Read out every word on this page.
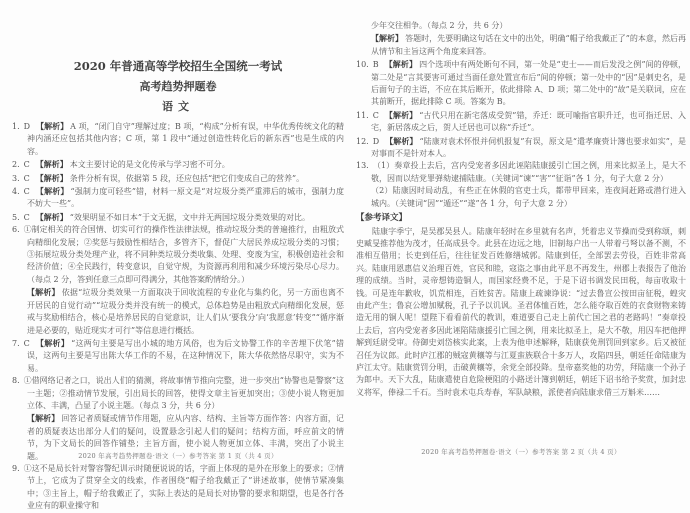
2020 年普通高等学校招生全国统一考试

高考趋势押题卷

语文

1. D 【解析】 A 项，“闭门自守”理解过度；B 项，“构成”分析有误，中华优秀传统文化的精神内涵还应包括其他内容；C 项，第 1 段中“通过创造性转化后的新东西”也是生成的内容。

2. C 【解析】 本文主要讨论的是文化传承与学习密不可分。

3. C 【解析】 条件分析有误，依据第 5 段，还应包括“把它们变成自己的营养”。

4. C 【解析】 “强制力度可轻些”错，材料一原文是“对垃圾分类严重滞后的城市，强制力度不妨大一些”。

5. C 【解析】 “效果明显不如日本”于文无据，文中并无两国垃圾分类效果的对比。

6. ①制定相关的符合国情、切实可行的操作性法律法规，推动垃圾分类的普遍推行，由粗放式向精细化发展；②奖惩与鼓励性相结合，多管齐下，督促广大居民养成垃圾分类的习惯；③拓展垃圾分类处理产业，将不同种类垃圾分类收集、处理、变废为宝，积极创造社会和经济价值；④全民践行，转变意识，自觉守规，为资源再利用和减少环境污染尽心尽力。（每点 2 分，答到任意三点即可得满分，其他答案酌情给分。）

【解析】 依据“垃圾分类效果一方面取决于回收流程的专业化与集约化，另一方面也离不开居民的自觉行动”“垃圾分类并没有统一的模式，总体趋势是由粗放式向精细化发展，惩戒与奖励相结合，核心是培养居民的自觉意识，让人们从‘要我分’向‘我愿意’转变”“循序渐进是必要的，贴近现实才可行”等信息进行概括。

7. C 【解析】 “这两句主要是写出小城的地方风俗，也为后文协警工作的辛苦埋下伏笔”错误，这两句主要是写出陈大华工作的不易，在这种情况下，陈大华依然恪尽职守，实为不易。

8. ①借网络记者之口，说出人们的猜测，将故事情节推向完整，进一步突出“协警也是警察”这一主题；②推动情节发展，引出局长的回答，使得文章主旨更加突出；③使小说人物更加立体、丰满，凸显了小说主题。（每点 3 分，共 6 分）

【解析】 回答记者质疑或情节作用题，应从内容、结构、主旨等方面作答：内容方面，记者的质疑表达出部分人们的疑问，设置悬念引起人们的疑问；结构方面，呼应前文的情节，为下文局长的回答作铺垫；主旨方面，使小说人物更加立体、丰满，突出了小说主题。

9. ①这不是局长针对警容警纪训示时随便说说的话，字面上体现的是外在形象上的要求；②情节上，它成为了贯穿全文的线索，作者围绕“帽子给我戴正了”讲述故事，使情节紧凑集中；③主旨上，帽子给我戴正了，实际上表达的是局长对协警的要求和期望，也是各行各业应有的职业操守和

2020 年高考趋势押题卷·语文（一）参考答案 第 1 页（共 4 页）

少年交往相争。（每点 2 分，共 6 分）

【解析】 答题时，先要明确这句话在文中的出处，明确“帽子给我戴正了”的本意，然后再从情节和主旨这两个角度来回答。

10. B 【解析】 四个选项中有两处断句不同，第一处是“吏士——而后发没之例”间的停顿，第二处是“言其要害可通过当面任意处置宣布后”间的停顿；第一处中的“因”是刺史名，是后面句子的主语，不应在其后断开，依此排除 A、D 项；第二处中的“故”是关联词，应在其前断开，据此排除 C 项。答案为 B。

11. C 【解析】 “古代只用在新宅落成受贺”错，乔迁：既可喻指官职升迁，也可指迁居、入宅，新居落成之后，贺人迁居也可以称“乔迁”。

12. D 【解析】 “陆康对袁术怀恨并伺机报复”有误，原文是“遣孝廉赍计簿也要求如实”，是对事而不是针对本人。

13. （1）奏章投上去后，宫内受宠者多因此诬陷陆康援引亡国之例，用来比拟圣上，是大不敬，因而以结党罪弹劾逮捕陆康。（关键词“谏”“害”“征诣”各 1 分，句子大意 2 分）

（2）陆康因时局动乱，有些正在休假的官吏士兵，都带甲回来，连夜间赶路或潜行进入城内。（关键词“因”“遁还”“遂”各 1 分，句子大意 2 分）

【参考译文】

陆康字季宁，是吴郡吴县人。陆康年轻时在乡里就有名声，凭着忠义节操而受到称颂，刺史臧旻推荐他为茂才，任高成县令。此县在边远之地，旧制每户出一人带着弓弩以备不测，不准相互借用；长吏到任后，往往征发百姓修缮城郭。陆康到任，全部罢去劳役，百姓非常高兴。陆康用恩惠信义治理百姓，官民和睦，寇盗之事由此平息不再发生，州郡上表报告了他治理的成绩。当时，灵帝想铸造铜人，而国家经费不足，于是下诏书调发民田税，每亩收取十钱。可是连年歉收，饥荒相连，百姓贫苦。陆康上疏谏诤说：“过去鲁宣公按田亩征税，蝗灾由此产生；鲁哀公增加赋税，孔子予以讥讽。圣君体恤百姓，怎么能夺取百姓的衣食财物来铸造无用的铜人呢！望陛下看看前代的教训，难道要自己走上前代亡国之君的老路吗！”奏章投上去后，宫内受宠者多因此诬陷陆康援引亡国之例，用来比拟圣上，是大不敬，用囚车把他押解到廷尉受审。侍御史刘岱核实此案，上表为他申述解释，陆康获免刑罚回到家乡。后又被征召任为议郎。此时庐江郡的贼寇黄穰等与江夏蛮族联合十多万人，攻陷四县，朝廷任命陆康为庐江太守。陆康赏罚分明，击破黄穰等，余党全部投降。皇帝嘉奖他的功劳，拜陆康一个孙子为郎中。天下大乱，陆康遣使自危险梗阻的小路送计簿到朝廷，朝廷下诏书给予奖赏，加封忠义将军，俸禄二千石。当时袁术屯兵寿春，军队缺粮，派使者向陆康求借三万斛米……

2020 年高考趋势押题卷·语文（一）参考答案 第 2 页（共 4 页）
